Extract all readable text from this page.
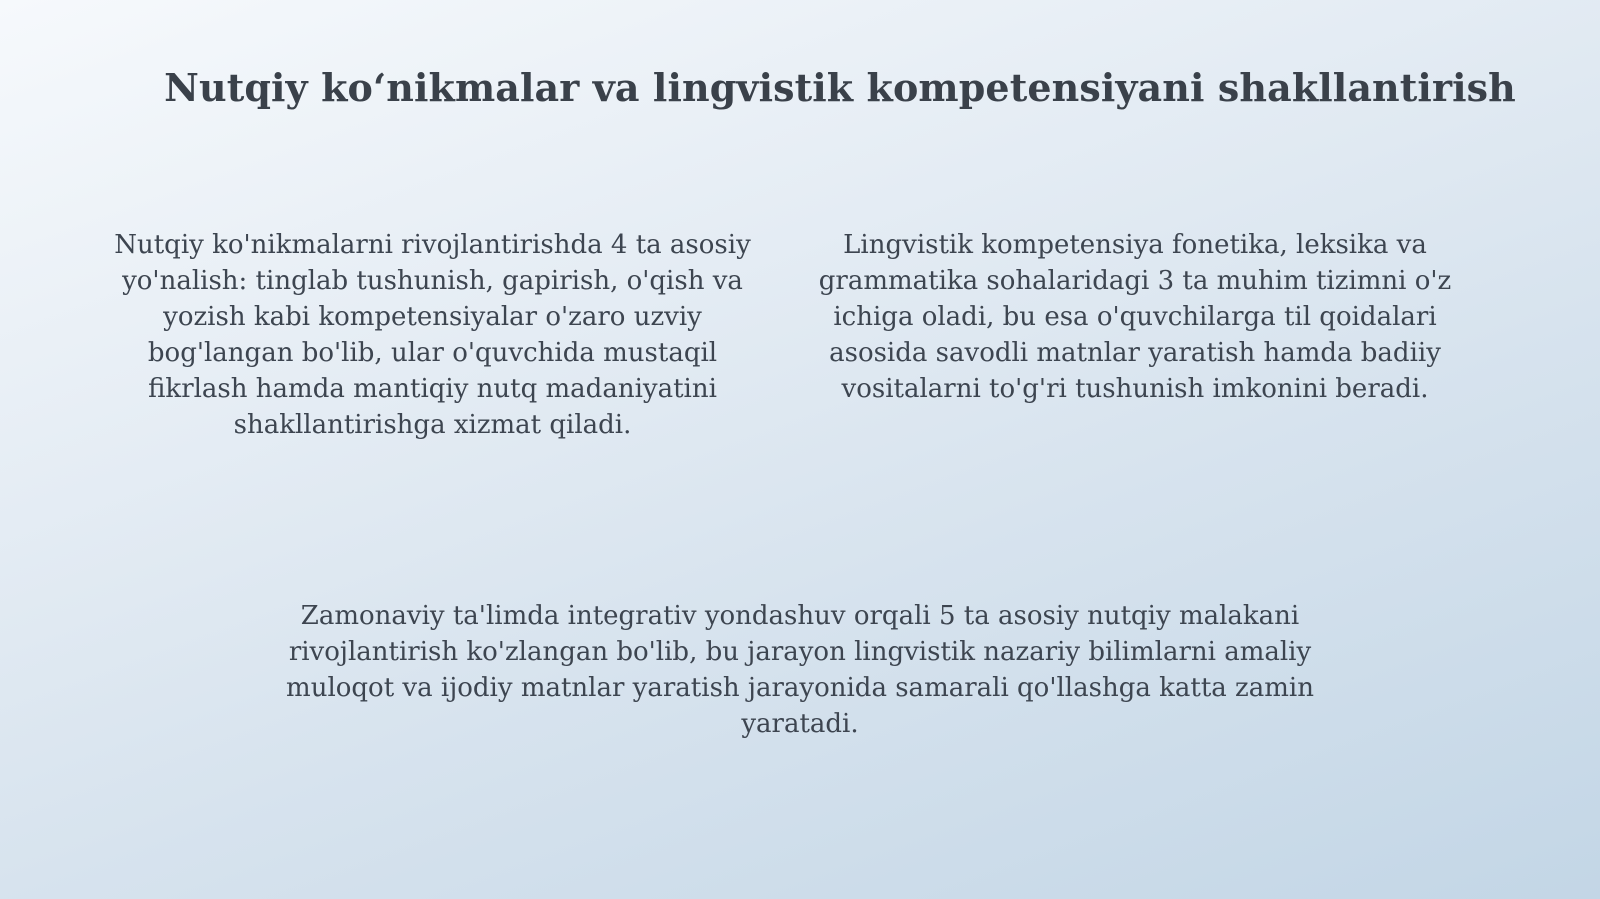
Nutqiy ko‘nikmalar va lingvistik kompetensiyani shakllantirish

Nutqiy ko'nikmalarni rivojlantirishda 4 ta asosiy yo'nalish: tinglab tushunish, gapirish, o'qish va yozish kabi kompetensiyalar o'zaro uzviy bog'langan bo'lib, ular o'quvchida mustaqil fikrlash hamda mantiqiy nutq madaniyatini shakllantirishga xizmat qiladi.

Lingvistik kompetensiya fonetika, leksika va grammatika sohalaridagi 3 ta muhim tizimni o'z ichiga oladi, bu esa o'quvchilarga til qoidalari asosida savodli matnlar yaratish hamda badiiy vositalarni to'g'ri tushunish imkonini beradi.

Zamonaviy ta'limda integrativ yondashuv orqali 5 ta asosiy nutqiy malakani rivojlantirish ko'zlangan bo'lib, bu jarayon lingvistik nazariy bilimlarni amaliy muloqot va ijodiy matnlar yaratish jarayonida samarali qo'llashga katta zamin yaratadi.
